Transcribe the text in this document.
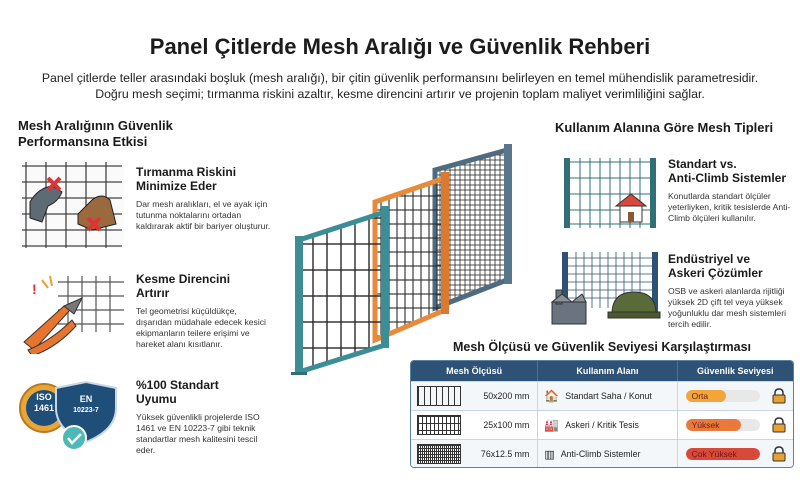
Panel Çitlerde Mesh Aralığı ve Güvenlik Rehberi
Panel çitlerde teller arasındaki boşluk (mesh aralığı), bir çitin güvenlik performansını belirleyen en temel mühendislik parametresidir.
Doğru mesh seçimi; tırmanma riskini azaltır, kesme direncini artırır ve projenin toplam maliyet verimliliğini sağlar.
Mesh Aralığının Güvenlik
Performansına Etkisi
Tırmanma Riskini
Minimize Eder
Dar mesh aralıkları, el ve ayak için tutunma noktalarını ortadan kaldırarak aktif bir bariyer oluşturur.
!
Kesme Direncini
Artırır
Tel geometrisi küçüldükçe, dışarıdan müdahale edecek kesici ekipmanların teilere erişimi ve hareket alanı kısıtlanır.
ISO
1461
EN
10223-7
%100 Standart
Uyumu
Yüksek güvenlikli projelerde ISO 1461 ve EN 10223-7 gibi teknik standartlar mesh kalitesini tescil eder.
Kullanım Alanına Göre Mesh Tipleri
Standart vs.
Anti-Climb Sistemler
Konutlarda standart ölçüler yeterliyken, kritik tesislerde Anti-Climb ölçüleri kullanılır.
Endüstriyel ve
Askeri Çözümler
OSB ve askeri alanlarda rijitliği yüksek 2D çift tel veya yüksek yoğunluklu dar mesh sistemleri tercih edilir.
Mesh Ölçüsü ve Güvenlik Seviyesi Karşılaştırması
Mesh Ölçüsü	Kullanım Alanı	Güvenlik Seviyesi
50x200 mm	🏠 Standart Saha / Konut	Orta
25x100 mm	🏭 Askeri / Kritik Tesis	Yüksek
76x12.5 mm	▥ Anti-Climb Sistemler	Çok Yüksek
